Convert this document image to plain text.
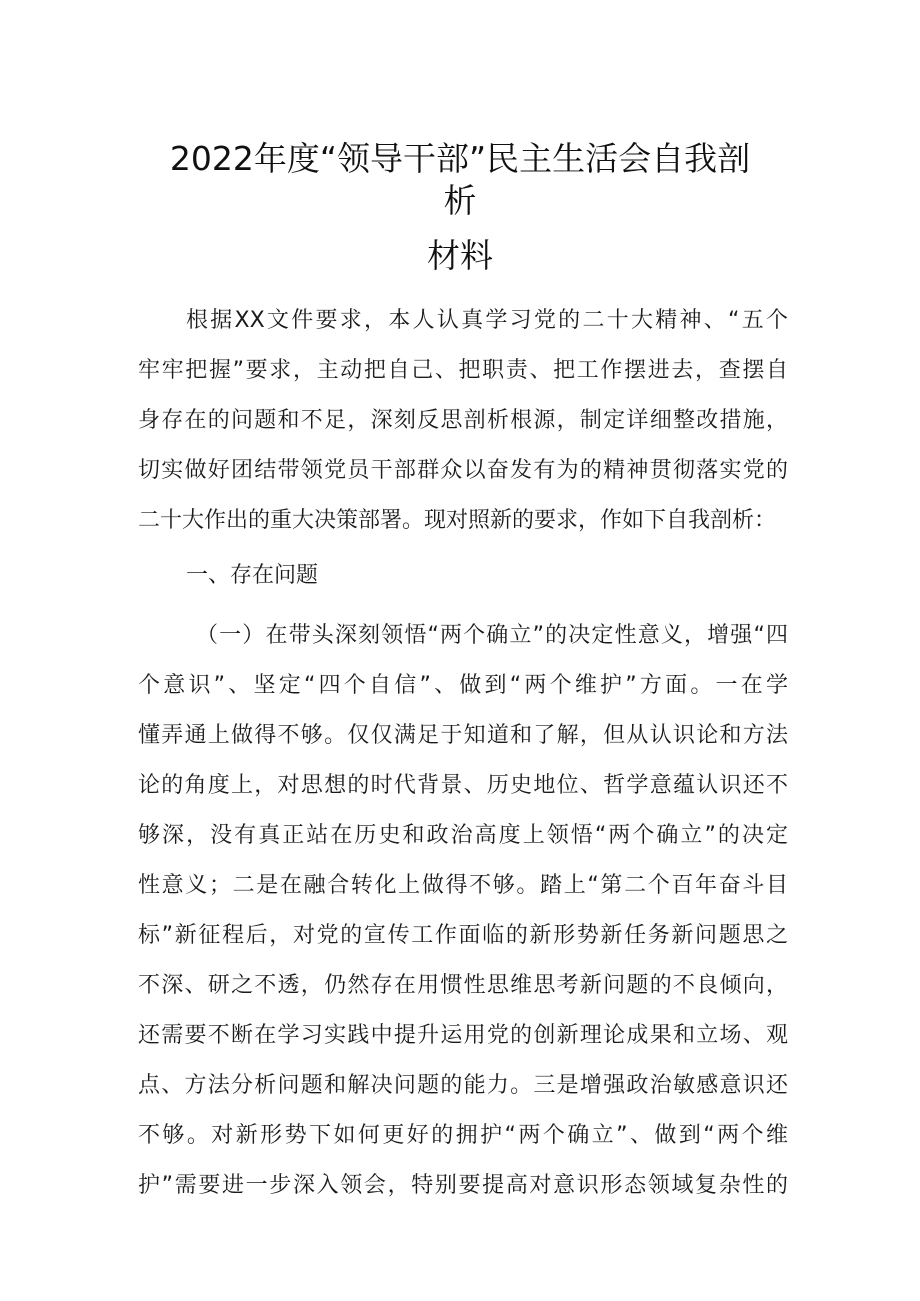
2022年度“领导干部”民主生活会自我剖
析
材料
根据XX文件要求，本人认真学习党的二十大精神、“五个
牢牢把握”要求，主动把自己、把职责、把工作摆进去，查摆自
身存在的问题和不足，深刻反思剖析根源，制定详细整改措施，
切实做好团结带领党员干部群众以奋发有为的精神贯彻落实党的
二十大作出的重大决策部署。现对照新的要求，作如下自我剖析：
一、存在问题
（一）在带头深刻领悟“两个确立”的决定性意义，增强“四
个意识”、坚定“四个自信”、做到“两个维护”方面。一在学
懂弄通上做得不够。仅仅满足于知道和了解，但从认识论和方法
论的角度上，对思想的时代背景、历史地位、哲学意蕴认识还不
够深，没有真正站在历史和政治高度上领悟“两个确立”的决定
性意义；二是在融合转化上做得不够。踏上“第二个百年奋斗目
标”新征程后，对党的宣传工作面临的新形势新任务新问题思之
不深、研之不透，仍然存在用惯性思维思考新问题的不良倾向，
还需要不断在学习实践中提升运用党的创新理论成果和立场、观
点、方法分析问题和解决问题的能力。三是增强政治敏感意识还
不够。对新形势下如何更好的拥护“两个确立”、做到“两个维
护”需要进一步深入领会，特别要提高对意识形态领域复杂性的
